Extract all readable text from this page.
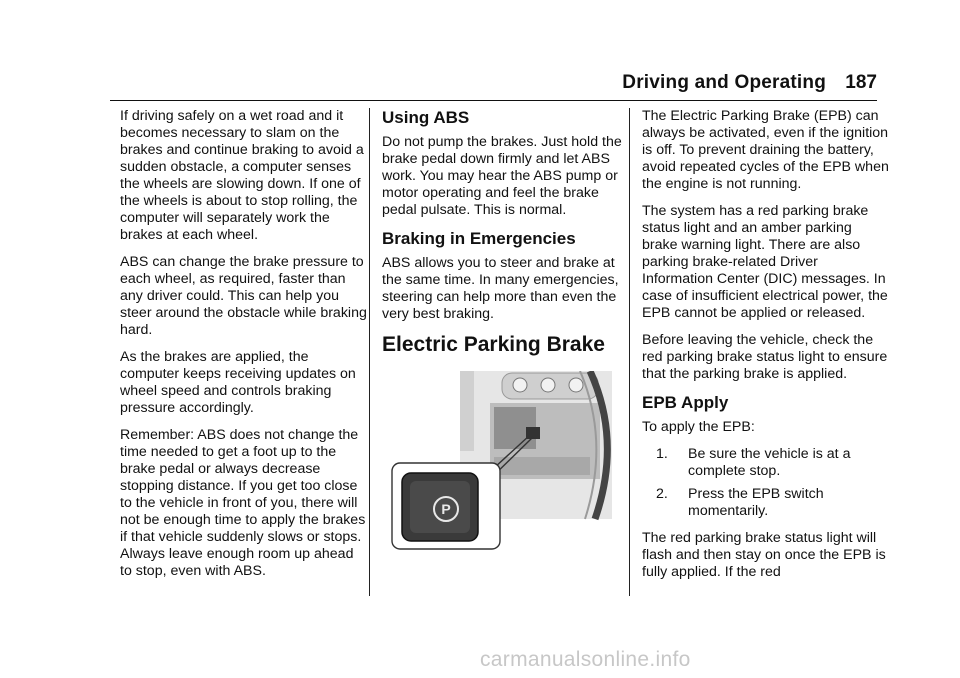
Driving and Operating 187

If driving safely on a wet road and it becomes necessary to slam on the brakes and continue braking to avoid a sudden obstacle, a computer senses the wheels are slowing down. If one of the wheels is about to stop rolling, the computer will separately work the brakes at each wheel.

ABS can change the brake pressure to each wheel, as required, faster than any driver could. This can help you steer around the obstacle while braking hard.

As the brakes are applied, the computer keeps receiving updates on wheel speed and controls braking pressure accordingly.

Remember: ABS does not change the time needed to get a foot up to the brake pedal or always decrease stopping distance. If you get too close to the vehicle in front of you, there will not be enough time to apply the brakes if that vehicle suddenly slows or stops. Always leave enough room up ahead to stop, even with ABS.

Using ABS

Do not pump the brakes. Just hold the brake pedal down firmly and let ABS work. You may hear the ABS pump or motor operating and feel the brake pedal pulsate. This is normal.

Braking in Emergencies

ABS allows you to steer and brake at the same time. In many emergencies, steering can help more than even the very best braking.

Electric Parking Brake
P

The Electric Parking Brake (EPB) can always be activated, even if the ignition is off. To prevent draining the battery, avoid repeated cycles of the EPB when the engine is not running.

The system has a red parking brake status light and an amber parking brake warning light. There are also parking brake-related Driver Information Center (DIC) messages. In case of insufficient electrical power, the EPB cannot be applied or released.

Before leaving the vehicle, check the red parking brake status light to ensure that the parking brake is applied.

EPB Apply

To apply the EPB:

1. Be sure the vehicle is at a complete stop.
2. Press the EPB switch momentarily.

The red parking brake status light will flash and then stay on once the EPB is fully applied. If the red

carmanualsonline.info
